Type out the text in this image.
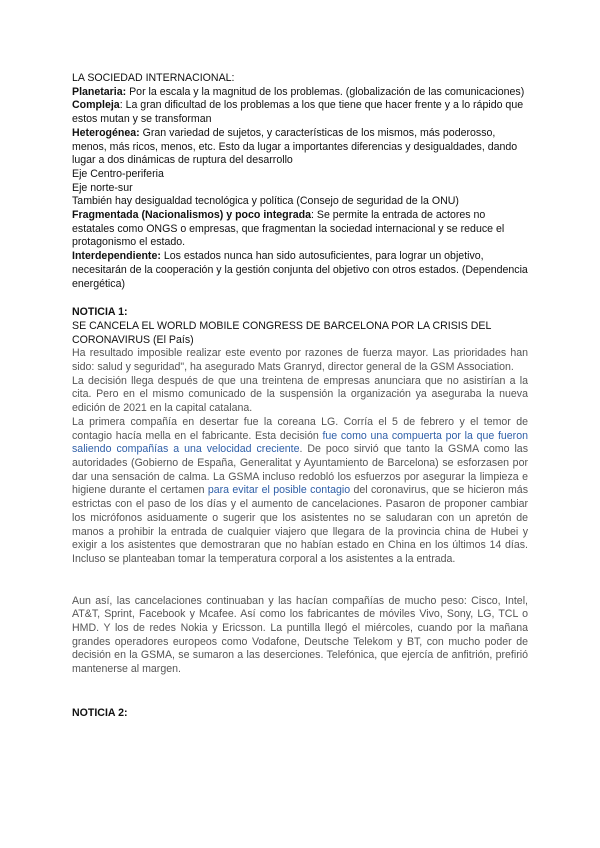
LA SOCIEDAD INTERNACIONAL:

Planetaria: Por la escala y la magnitud de los problemas. (globalización de las comunicaciones)

Compleja: La gran dificultad de los problemas a los que tiene que hacer frente y a lo rápido que estos mutan y se transforman

Heterogénea: Gran variedad de sujetos, y características de los mismos, más poderosso, menos, más ricos, menos, etc. Esto da lugar a importantes diferencias y desigualdades, dando lugar a dos dinámicas de ruptura del desarrollo

Eje Centro-periferia

Eje norte-sur

También hay desigualdad tecnológica y política (Consejo de seguridad de la ONU)

Fragmentada (Nacionalismos) y poco integrada: Se permite la entrada de actores no estatales como ONGS o empresas, que fragmentan la sociedad internacional y se reduce el protagonismo el estado.

Interdependiente: Los estados nunca han sido autosuficientes, para lograr un objetivo, necesitarán de la cooperación y la gestión conjunta del objetivo con otros estados. (Dependencia energética)

NOTICIA 1:

SE CANCELA EL WORLD MOBILE CONGRESS DE BARCELONA POR LA CRISIS DEL CORONAVIRUS (El País)

Ha resultado imposible realizar este evento por razones de fuerza mayor. Las prioridades han sido: salud y seguridad", ha asegurado Mats Granryd, director general de la GSM Association.

La decisión llega después de que una treintena de empresas anunciara que no asistirían a la cita. Pero en el mismo comunicado de la suspensión la organización ya aseguraba la nueva edición de 2021 en la capital catalana.

La primera compañía en desertar fue la coreana LG. Corría el 5 de febrero y el temor de contagio hacía mella en el fabricante. Esta decisión fue como una compuerta por la que fueron saliendo compañías a una velocidad creciente. De poco sirvió que tanto la GSMA como las autoridades (Gobierno de España, Generalitat y Ayuntamiento de Barcelona) se esforzasen por dar una sensación de calma. La GSMA incluso redobló los esfuerzos por asegurar la limpieza e higiene durante el certamen para evitar el posible contagio del coronavirus, que se hicieron más estrictas con el paso de los días y el aumento de cancelaciones. Pasaron de proponer cambiar los micrófonos asiduamente o sugerir que los asistentes no se saludaran con un apretón de manos a prohibir la entrada de cualquier viajero que llegara de la provincia china de Hubei y exigir a los asistentes que demostraran que no habían estado en China en los últimos 14 días. Incluso se planteaban tomar la temperatura corporal a los asistentes a la entrada.

Aun así, las cancelaciones continuaban y las hacían compañías de mucho peso: Cisco, Intel, AT&T, Sprint, Facebook y Mcafee. Así como los fabricantes de móviles Vivo, Sony, LG, TCL o HMD. Y los de redes Nokia y Ericsson. La puntilla llegó el miércoles, cuando por la mañana grandes operadores europeos como Vodafone, Deutsche Telekom y BT, con mucho poder de decisión en la GSMA, se sumaron a las deserciones. Telefónica, que ejercía de anfitrión, prefirió mantenerse al margen.

NOTICIA 2:
